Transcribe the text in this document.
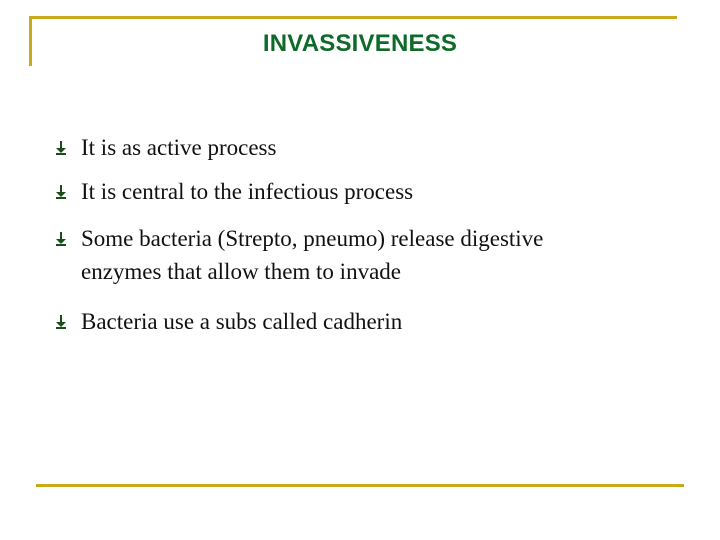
INVASSIVENESS
It is as active process
It is central to the infectious process
Some bacteria (Strepto, pneumo) release digestive
enzymes that allow them to invade
Bacteria use a subs called cadherin
